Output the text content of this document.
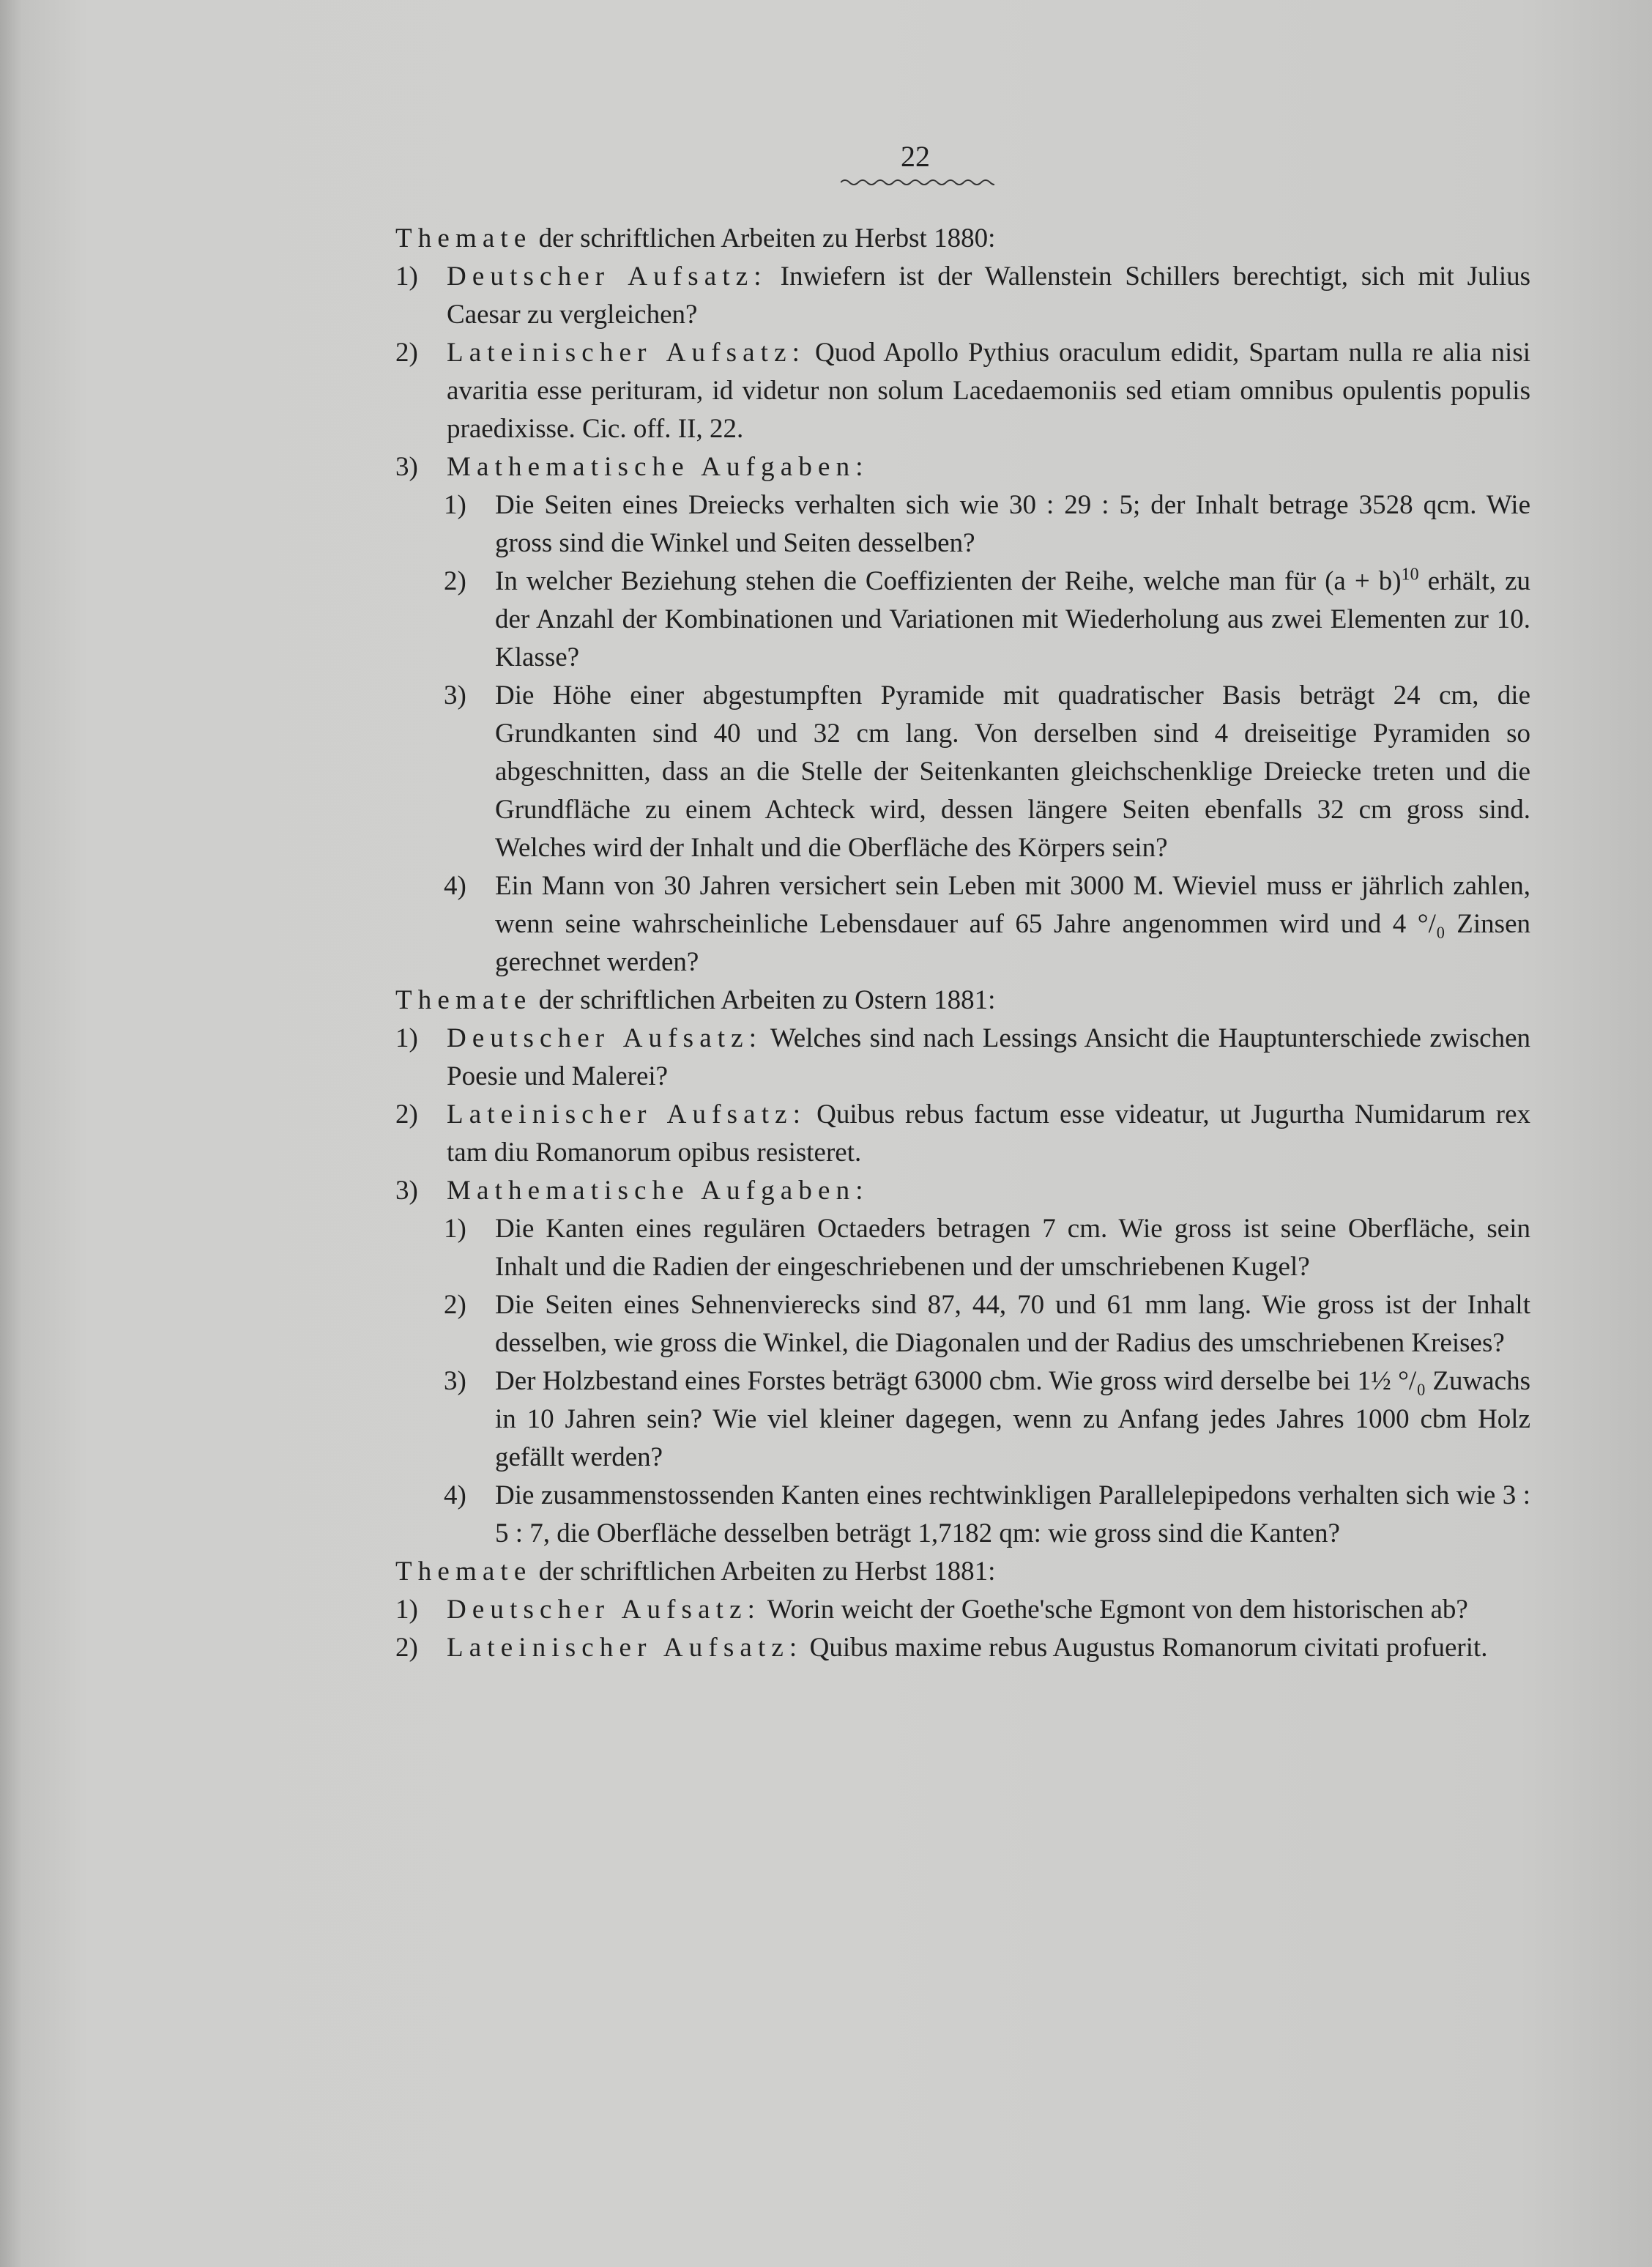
22

Themate der schriftlichen Arbeiten zu Herbst 1880:

1) Deutscher Aufsatz: Inwiefern ist der Wallenstein Schillers berechtigt, sich mit Julius Caesar zu vergleichen?

2) Lateinischer Aufsatz: Quod Apollo Pythius oraculum edidit, Spartam nulla re alia nisi avaritia esse perituram, id videtur non solum Lacedaemoniis sed etiam omnibus opulentis populis praedixisse. Cic. off. II, 22.

3) Mathematische Aufgaben:

1) Die Seiten eines Dreiecks verhalten sich wie 30 : 29 : 5; der Inhalt betrage 3528 qcm. Wie gross sind die Winkel und Seiten desselben?

2) In welcher Beziehung stehen die Coeffizienten der Reihe, welche man für $(a + b)^{10}$ erhält, zu der Anzahl der Kombinationen und Variationen mit Wiederholung aus zwei Elementen zur 10. Klasse?

3) Die Höhe einer abgestumpften Pyramide mit quadratischer Basis beträgt 24 cm, die Grundkanten sind 40 und 32 cm lang. Von derselben sind 4 dreiseitige Pyramiden so abgeschnitten, dass an die Stelle der Seitenkanten gleichschenklige Dreiecke treten und die Grundfläche zu einem Achteck wird, dessen längere Seiten ebenfalls 32 cm gross sind. Welches wird der Inhalt und die Oberfläche des Körpers sein?

4) Ein Mann von 30 Jahren versichert sein Leben mit 3000 M. Wieviel muss er jährlich zahlen, wenn seine wahrscheinliche Lebensdauer auf 65 Jahre angenommen wird und 4 °/₀ Zinsen gerechnet werden?

Themate der schriftlichen Arbeiten zu Ostern 1881:

1) Deutscher Aufsatz: Welches sind nach Lessings Ansicht die Hauptunterschiede zwischen Poesie und Malerei?

2) Lateinischer Aufsatz: Quibus rebus factum esse videatur, ut Jugurtha Numidarum rex tam diu Romanorum opibus resisteret.

3) Mathematische Aufgaben:

1) Die Kanten eines regulären Octaeders betragen 7 cm. Wie gross ist seine Oberfläche, sein Inhalt und die Radien der eingeschriebenen und der umschriebenen Kugel?

2) Die Seiten eines Sehnenvierecks sind 87, 44, 70 und 61 mm lang. Wie gross ist der Inhalt desselben, wie gross die Winkel, die Diagonalen und der Radius des umschriebenen Kreises?

3) Der Holzbestand eines Forstes beträgt 63000 cbm. Wie gross wird derselbe bei 1½ °/₀ Zuwachs in 10 Jahren sein? Wie viel kleiner dagegen, wenn zu Anfang jedes Jahres 1000 cbm Holz gefällt werden?

4) Die zusammenstossenden Kanten eines rechtwinkligen Parallelepipedons verhalten sich wie 3 : 5 : 7, die Oberfläche desselben beträgt 1,7182 qm: wie gross sind die Kanten?

Themate der schriftlichen Arbeiten zu Herbst 1881:

1) Deutscher Aufsatz: Worin weicht der Goethe'sche Egmont von dem historischen ab?

2) Lateinischer Aufsatz: Quibus maxime rebus Augustus Romanorum civitati profuerit.
